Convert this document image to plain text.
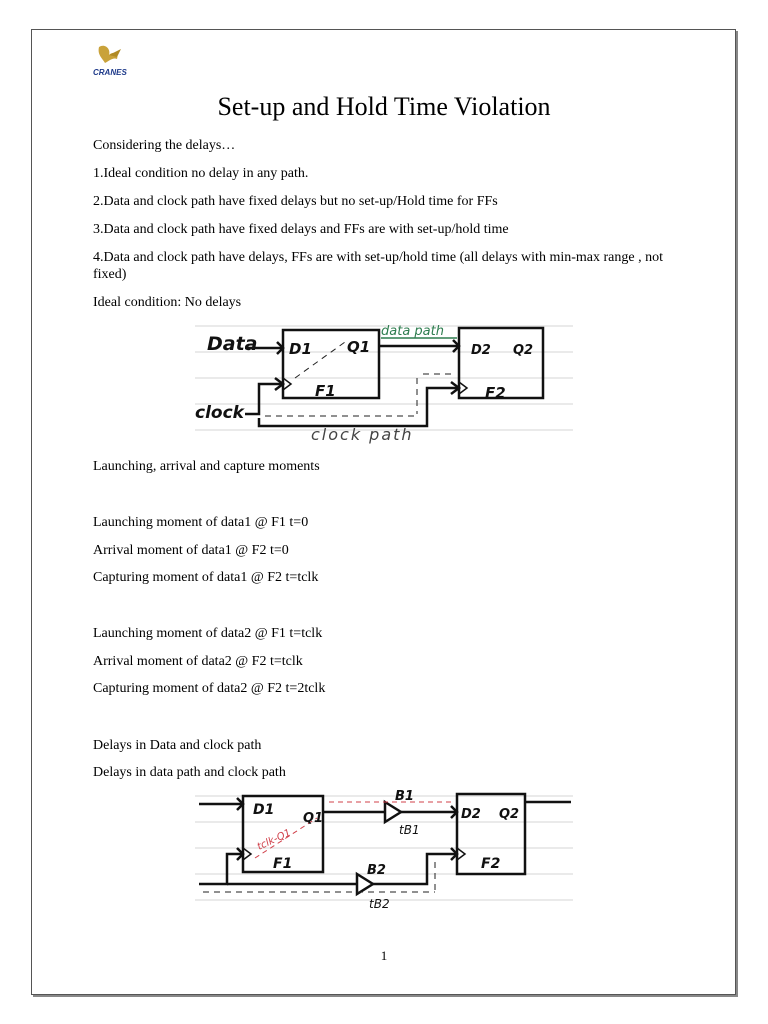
CRANES
Set-up and Hold Time Violation
Considering the delays…
1.Ideal condition no delay in any path.
2.Data and clock path have fixed delays but no set-up/Hold time for FFs
3.Data and clock path have fixed delays and FFs are with set-up/hold time
4.Data and clock path have delays, FFs are with set-up/hold time (all delays with min-max range , not fixed)
Ideal condition: No delays
Data
clock
D1 Q1
F1
D2 Q2
F2
data path
clock path
Launching, arrival and capture moments
Launching moment of data1 @ F1 t=0
Arrival moment of data1 @ F2 t=0
Capturing moment of data1 @ F2 t=tclk
Launching moment of data2 @ F1 t=tclk
Arrival moment of data2 @ F2 t=tclk
Capturing moment of data2 @ F2 t=2tclk
Delays in Data and clock path
Delays in data path and clock path
D1
Q1
F1
tclk-Q1
B1
tB1
B2
tB2
D2 Q2
F2
1
